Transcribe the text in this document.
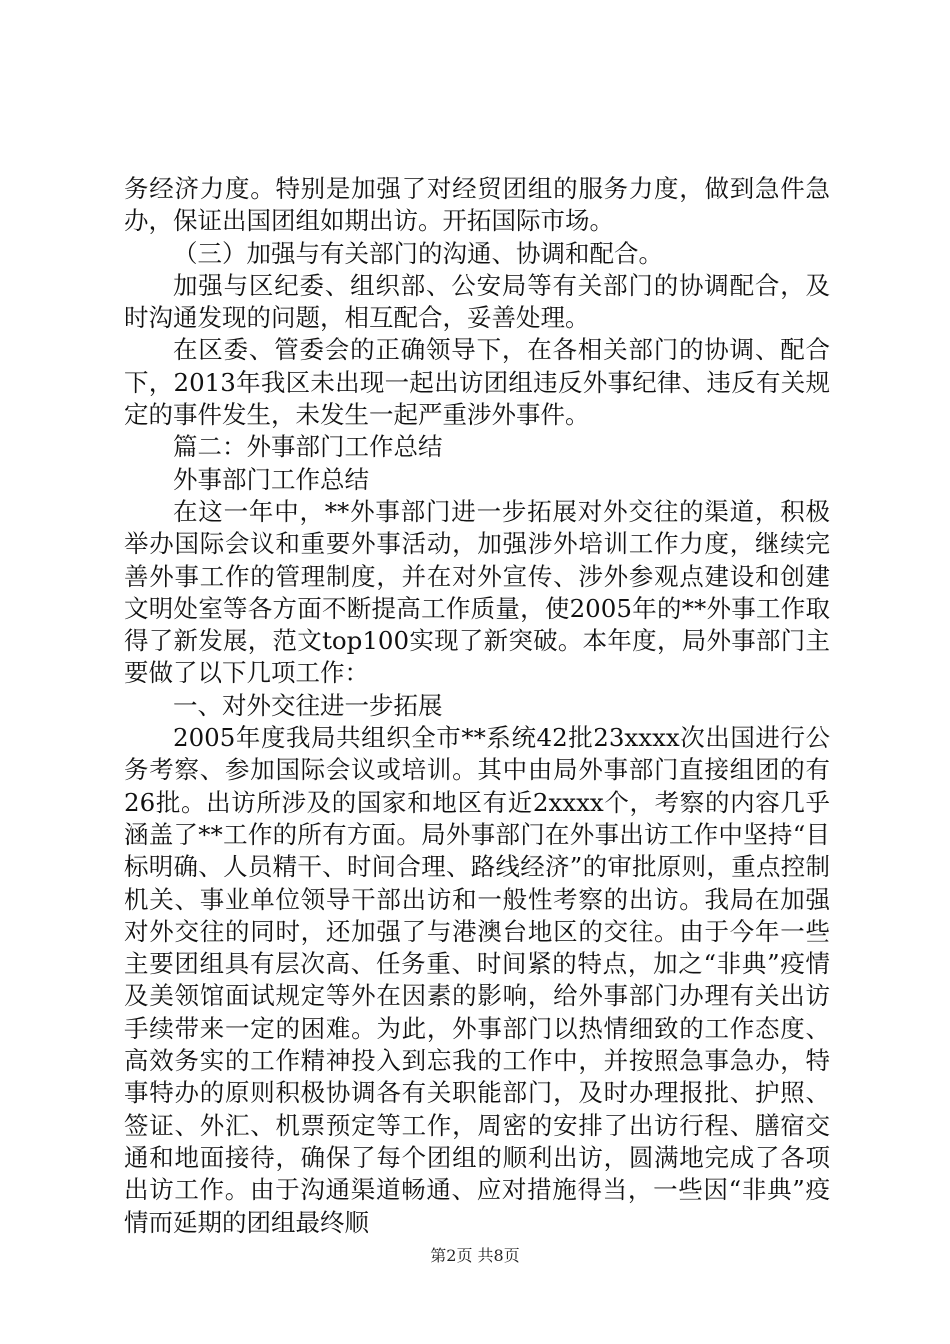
务经济力度。特别是加强了对经贸团组的服务力度，做到急件急办，保证出国团组如期出访。开拓国际市场。

（三）加强与有关部门的沟通、协调和配合。

加强与区纪委、组织部、公安局等有关部门的协调配合，及时沟通发现的问题，相互配合，妥善处理。

在区委、管委会的正确领导下，在各相关部门的协调、配合下，2013年我区未出现一起出访团组违反外事纪律、违反有关规定的事件发生，未发生一起严重涉外事件。

篇二：外事部门工作总结

外事部门工作总结

在这一年中，**外事部门进一步拓展对外交往的渠道，积极举办国际会议和重要外事活动，加强涉外培训工作力度，继续完善外事工作的管理制度，并在对外宣传、涉外参观点建设和创建文明处室等各方面不断提高工作质量，使2005年的**外事工作取得了新发展，范文top100实现了新突破。本年度，局外事部门主要做了以下几项工作：

一、对外交往进一步拓展

2005年度我局共组织全市**系统42批23xxxx次出国进行公务考察、参加国际会议或培训。其中由局外事部门直接组团的有26批。出访所涉及的国家和地区有近2xxxx个，考察的内容几乎涵盖了**工作的所有方面。局外事部门在外事出访工作中坚持“目标明确、人员精干、时间合理、路线经济”的审批原则，重点控制机关、事业单位领导干部出访和一般性考察的出访。我局在加强对外交往的同时，还加强了与港澳台地区的交往。由于今年一些主要团组具有层次高、任务重、时间紧的特点，加之“非典”疫情及美领馆面试规定等外在因素的影响，给外事部门办理有关出访手续带来一定的困难。为此，外事部门以热情细致的工作态度、高效务实的工作精神投入到忘我的工作中，并按照急事急办，特事特办的原则积极协调各有关职能部门，及时办理报批、护照、签证、外汇、机票预定等工作，周密的安排了出访行程、膳宿交通和地面接待，确保了每个团组的顺利出访，圆满地完成了各项出访工作。由于沟通渠道畅通、应对措施得当，一些因“非典”疫情而延期的团组最终顺

第2页 共8页
